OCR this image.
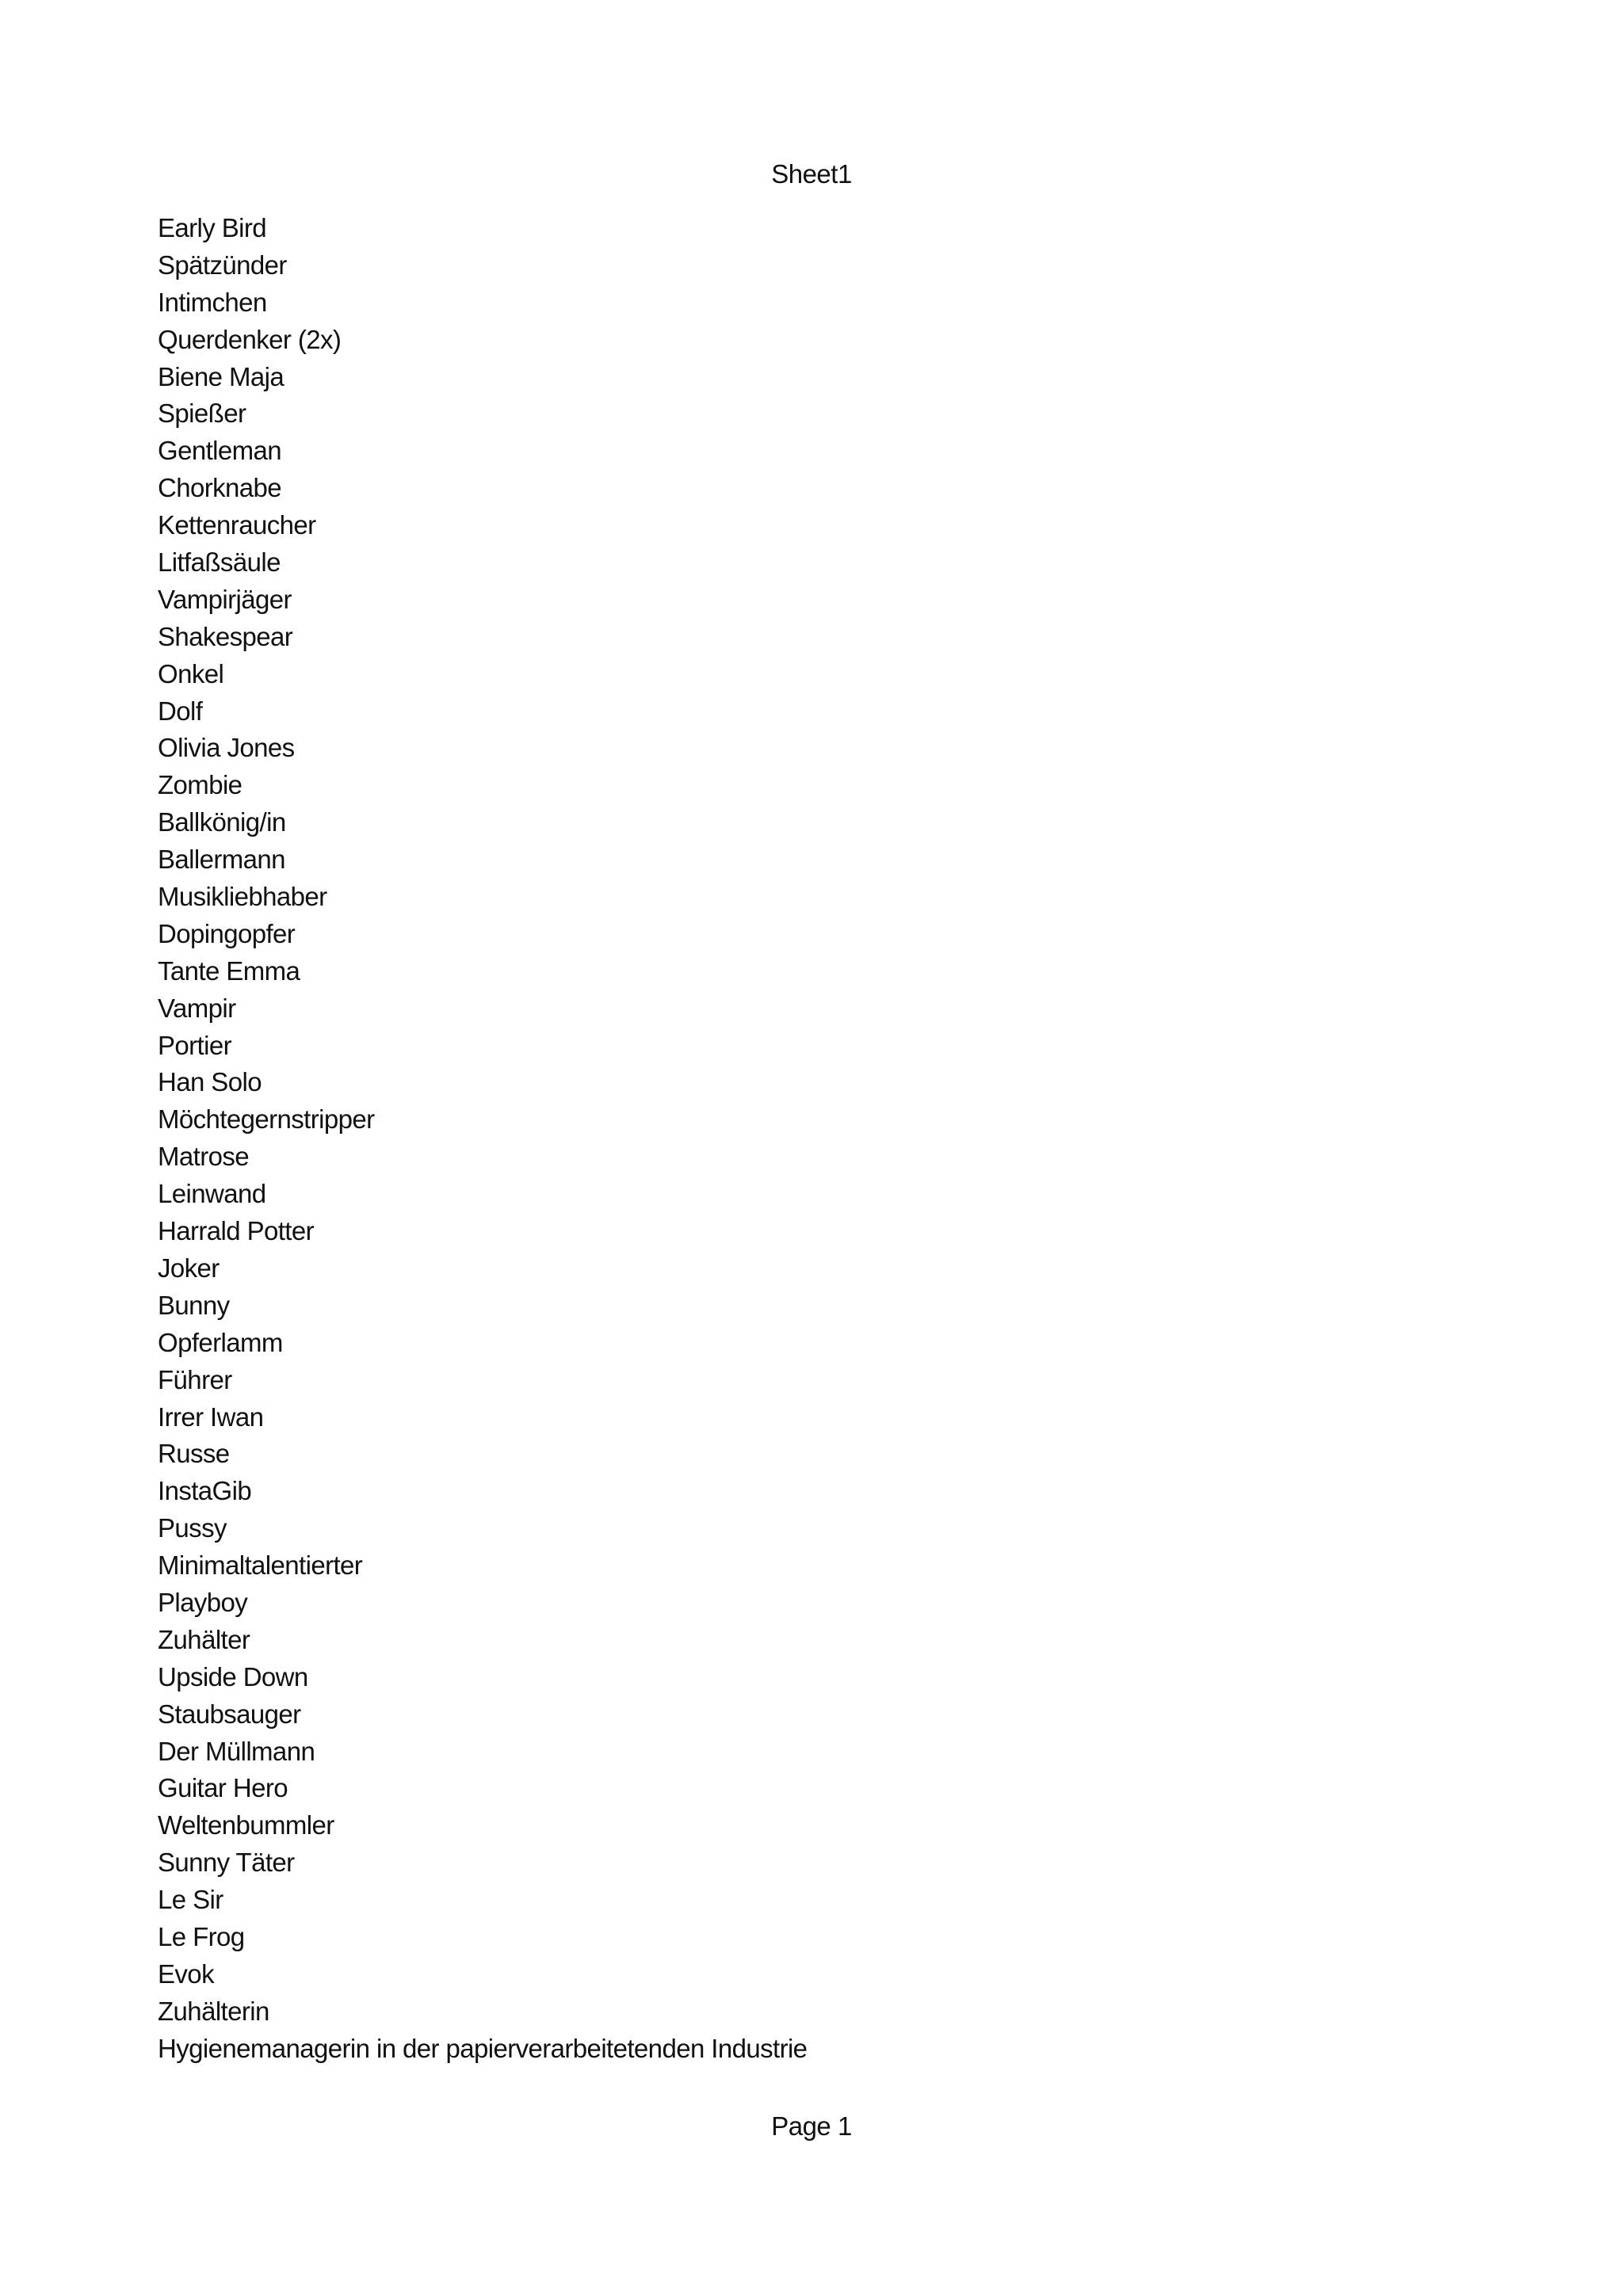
Sheet1
Early Bird
Spätzünder
Intimchen
Querdenker (2x)
Biene Maja
Spießer
Gentleman
Chorknabe
Kettenraucher
Litfaßsäule
Vampirjäger
Shakespear
Onkel
Dolf
Olivia Jones
Zombie
Ballkönig/in
Ballermann
Musikliebhaber
Dopingopfer
Tante Emma
Vampir
Portier
Han Solo
Möchtegernstripper
Matrose
Leinwand
Harrald Potter
Joker
Bunny
Opferlamm
Führer
Irrer Iwan
Russe
InstaGib
Pussy
Minimaltalentierter
Playboy
Zuhälter
Upside Down
Staubsauger
Der Müllmann
Guitar Hero
Weltenbummler
Sunny Täter
Le Sir
Le Frog
Evok
Zuhälterin
Hygienemanagerin in der papierverarbeitetenden Industrie
Page 1
